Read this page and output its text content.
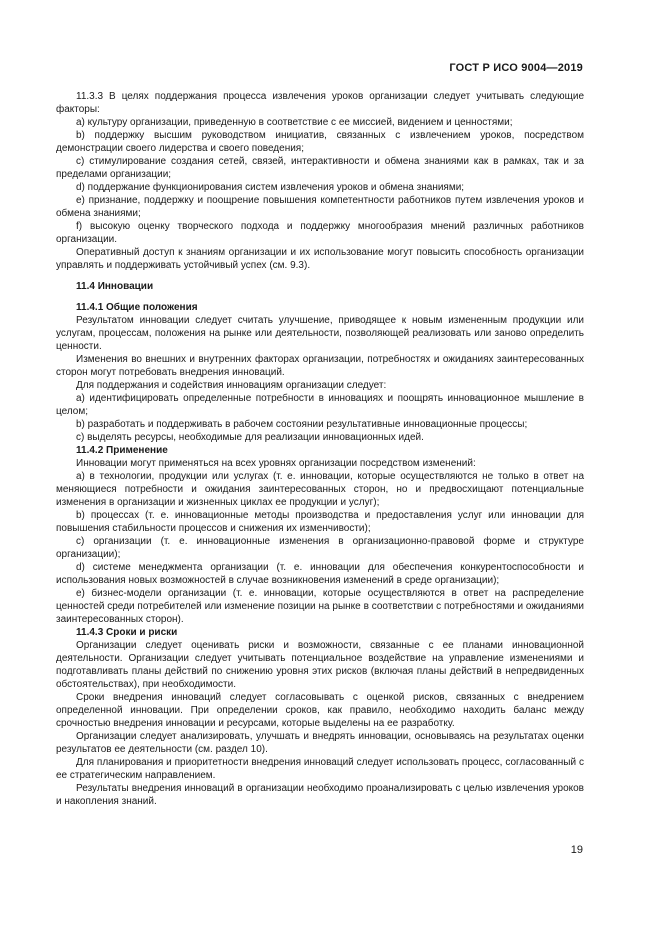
ГОСТ Р ИСО 9004—2019

11.3.3 В целях поддержания процесса извлечения уроков организации следует учитывать следующие факторы:

a) культуру организации, приведенную в соответствие с ее миссией, видением и ценностями;

b) поддержку высшим руководством инициатив, связанных с извлечением уроков, посредством демонстрации своего лидерства и своего поведения;

c) стимулирование создания сетей, связей, интерактивности и обмена знаниями как в рамках, так и за пределами организации;

d) поддержание функционирования систем извлечения уроков и обмена знаниями;

e) признание, поддержку и поощрение повышения компетентности работников путем извлечения уроков и обмена знаниями;

f) высокую оценку творческого подхода и поддержку многообразия мнений различных работников организации.

Оперативный доступ к знаниям организации и их использование могут повысить способность организации управлять и поддерживать устойчивый успех (см. 9.3).

11.4 Инновации
11.4.1 Общие положения

Результатом инновации следует считать улучшение, приводящее к новым измененным продукции или услугам, процессам, положения на рынке или деятельности, позволяющей реализовать или заново определить ценности.

Изменения во внешних и внутренних факторах организации, потребностях и ожиданиях заинтересованных сторон могут потребовать внедрения инноваций.

Для поддержания и содействия инновациям организации следует:

a) идентифицировать определенные потребности в инновациях и поощрять инновационное мышление в целом;

b) разработать и поддерживать в рабочем состоянии результативные инновационные процессы;

c) выделять ресурсы, необходимые для реализации инновационных идей.

11.4.2 Применение

Инновации могут применяться на всех уровнях организации посредством изменений:

a) в технологии, продукции или услугах (т. е. инновации, которые осуществляются не только в ответ на меняющиеся потребности и ожидания заинтересованных сторон, но и предвосхищают потенциальные изменения в организации и жизненных циклах ее продукции и услуг);

b) процессах (т. е. инновационные методы производства и предоставления услуг или инновации для повышения стабильности процессов и снижения их изменчивости);

c) организации (т. е. инновационные изменения в организационно-правовой форме и структуре организации);

d) системе менеджмента организации (т. е. инновации для обеспечения конкурентоспособности и использования новых возможностей в случае возникновения изменений в среде организации);

e) бизнес-модели организации (т. е. инновации, которые осуществляются в ответ на распределение ценностей среди потребителей или изменение позиции на рынке в соответствии с потребностями и ожиданиями заинтересованных сторон).

11.4.3 Сроки и риски

Организации следует оценивать риски и возможности, связанные с ее планами инновационной деятельности. Организации следует учитывать потенциальное воздействие на управление изменениями и подготавливать планы действий по снижению уровня этих рисков (включая планы действий в непредвиденных обстоятельствах), при необходимости.

Сроки внедрения инноваций следует согласовывать с оценкой рисков, связанных с внедрением определенной инновации. При определении сроков, как правило, необходимо находить баланс между срочностью внедрения инновации и ресурсами, которые выделены на ее разработку.

Организации следует анализировать, улучшать и внедрять инновации, основываясь на результатах оценки результатов ее деятельности (см. раздел 10).

Для планирования и приоритетности внедрения инноваций следует использовать процесс, согласованный с ее стратегическим направлением.

Результаты внедрения инноваций в организации необходимо проанализировать с целью извлечения уроков и накопления знаний.

19
